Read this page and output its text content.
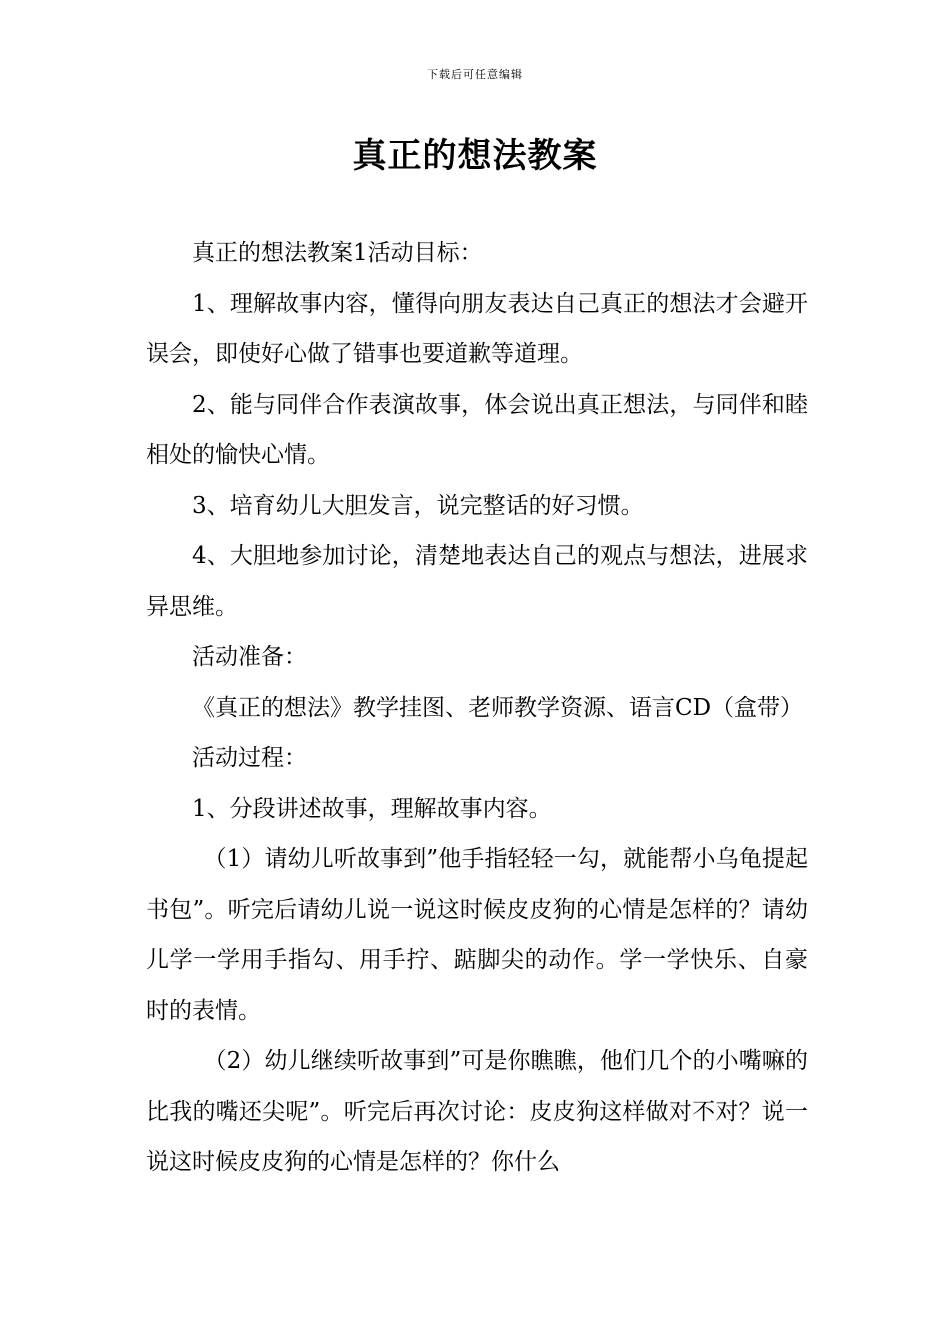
下载后可任意编辑
真正的想法教案

真正的想法教案1活动目标：

1、理解故事内容，懂得向朋友表达自己真正的想法才会避开误会，即使好心做了错事也要道歉等道理。

2、能与同伴合作表演故事，体会说出真正想法，与同伴和睦相处的愉快心情。

3、培育幼儿大胆发言，说完整话的好习惯。

4、大胆地参加讨论，清楚地表达自己的观点与想法，进展求异思维。

活动准备：

《真正的想法》教学挂图、老师教学资源、语言CD（盒带）

活动过程：

1、分段讲述故事，理解故事内容。

（1）请幼儿听故事到”他手指轻轻一勾，就能帮小乌龟提起书包”。听完后请幼儿说一说这时候皮皮狗的心情是怎样的？请幼儿学一学用手指勾、用手拧、踮脚尖的动作。学一学快乐、自豪时的表情。

（2）幼儿继续听故事到”可是你瞧瞧，他们几个的小嘴嘛的比我的嘴还尖呢”。听完后再次讨论：皮皮狗这样做对不对？说一说这时候皮皮狗的心情是怎样的？你什么
